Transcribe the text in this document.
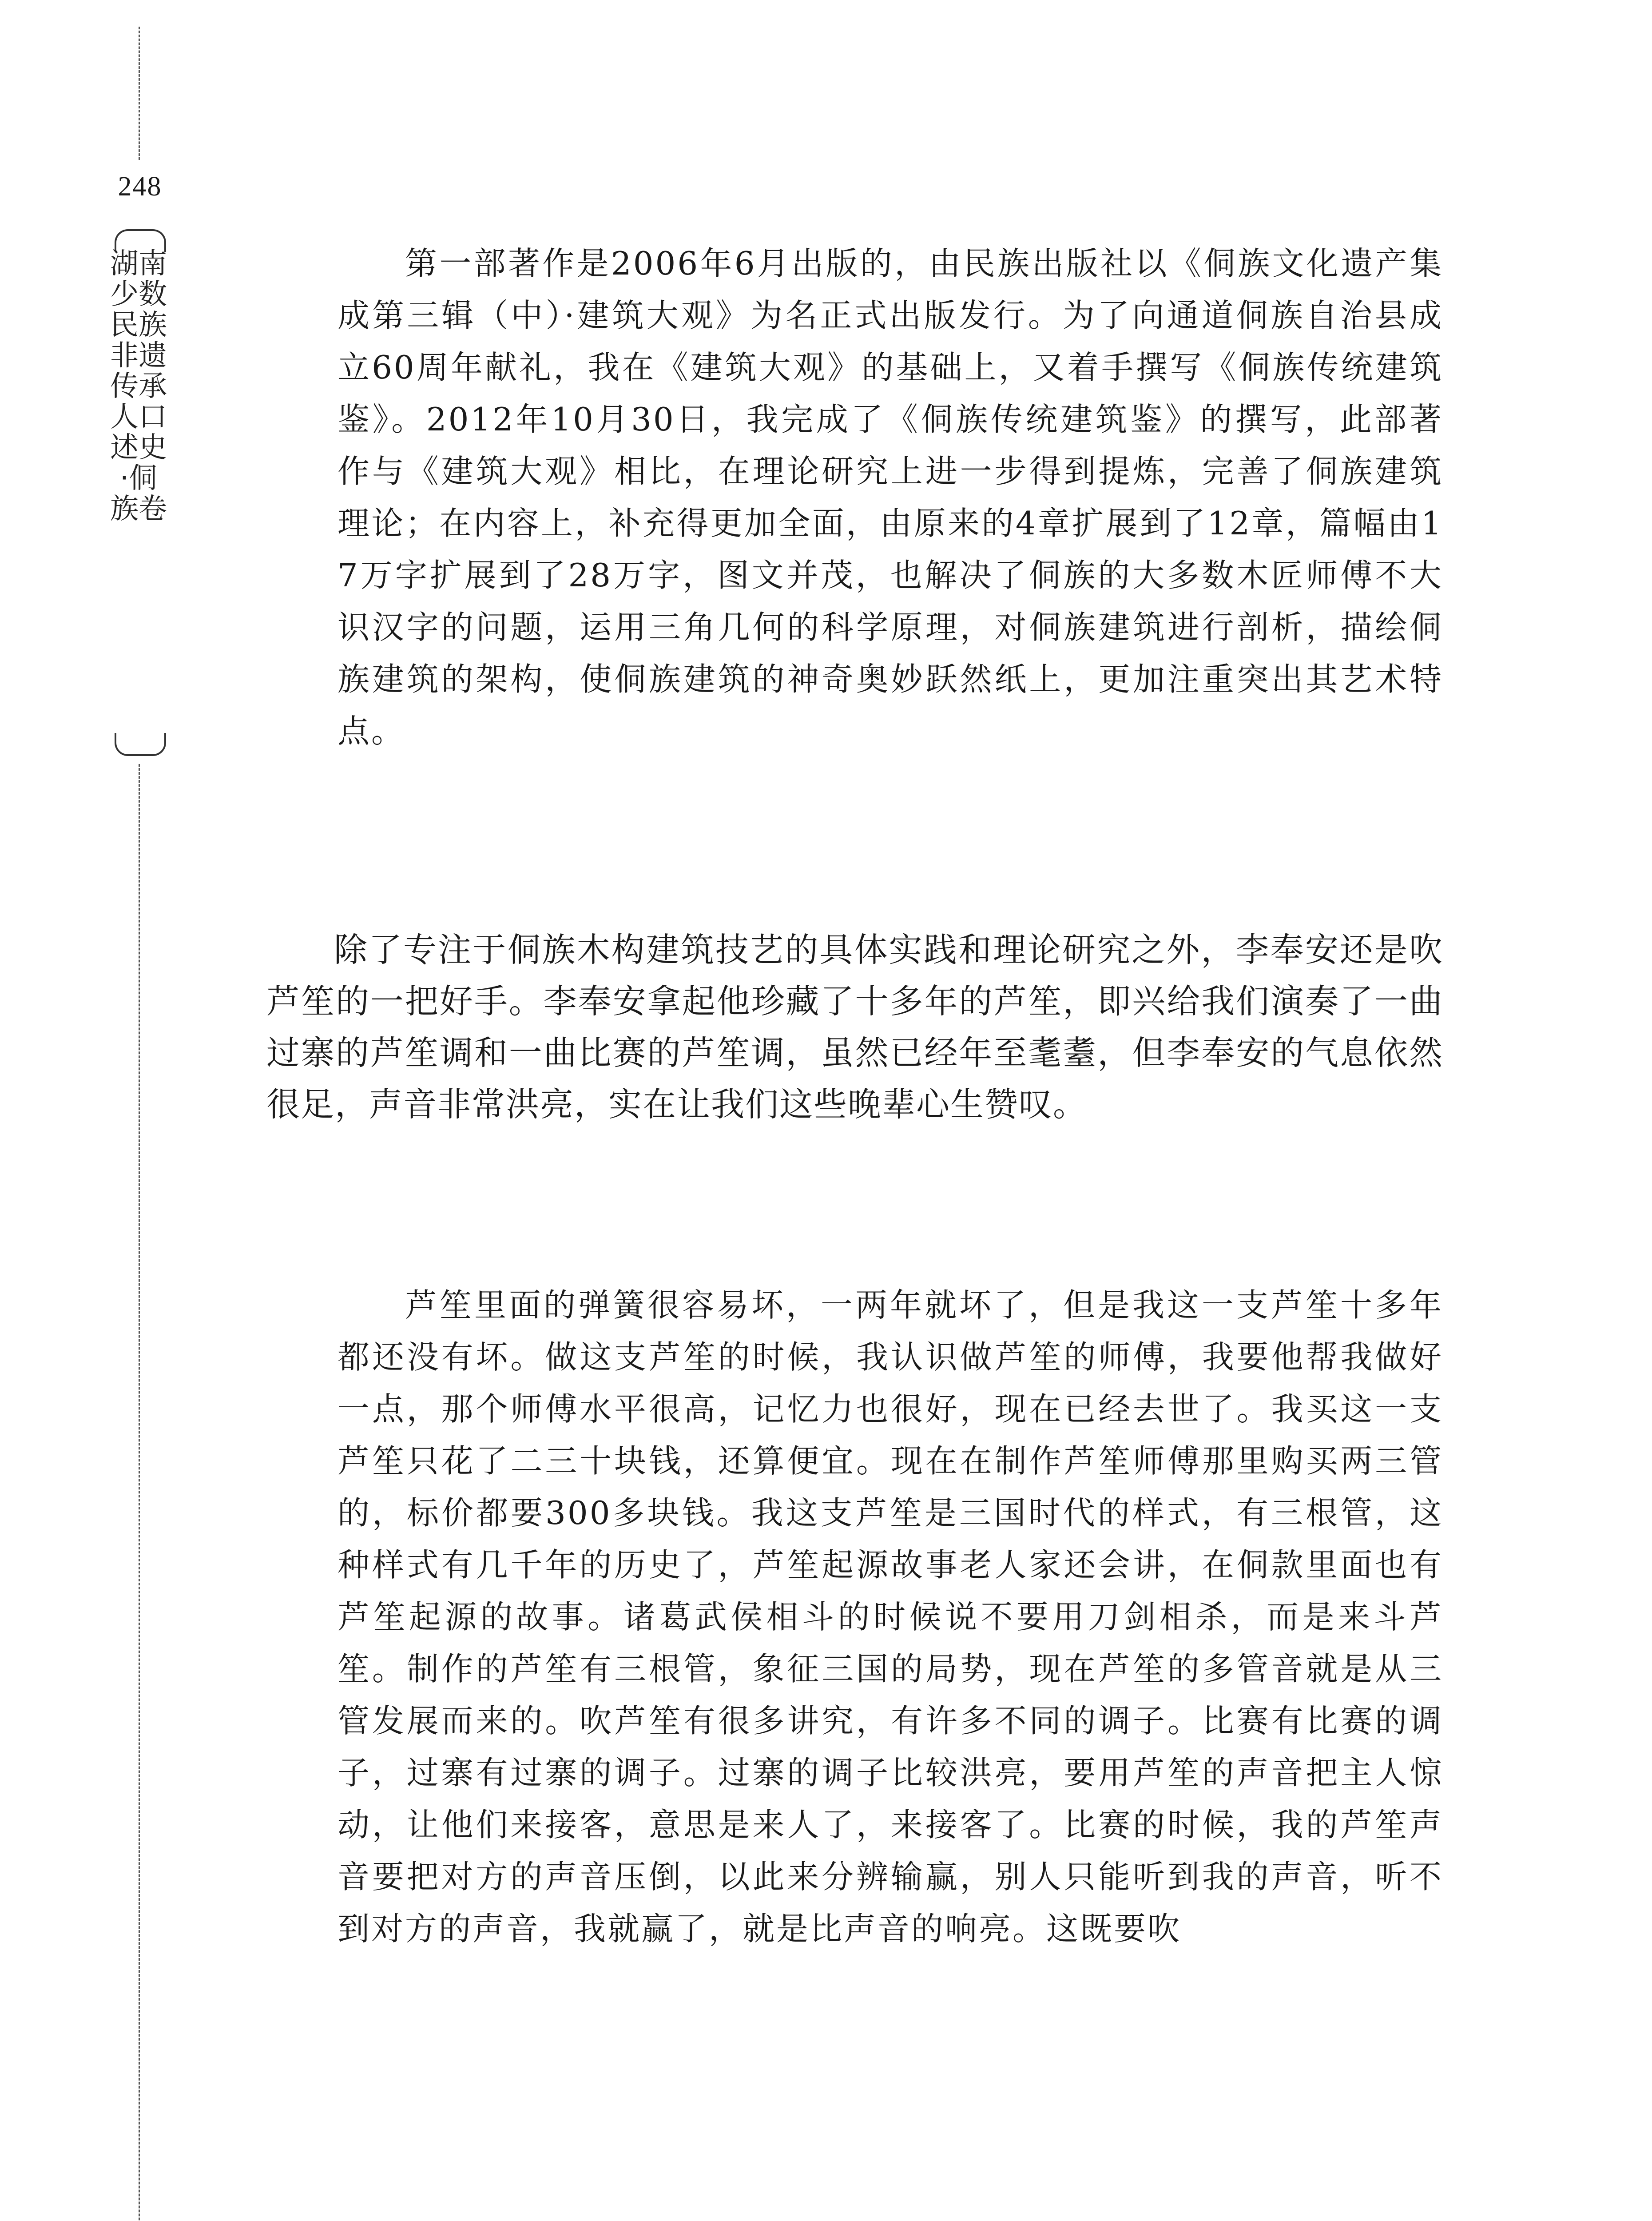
248
湖南少数民族非遗传承人口述史·侗族卷

第一部著作是2006年6月出版的，由民族出版社以《侗族文化遗产集成第三辑（中）·建筑大观》为名正式出版发行。为了向通道侗族自治县成立60周年献礼，我在《建筑大观》的基础上，又着手撰写《侗族传统建筑鉴》。2012年10月30日，我完成了《侗族传统建筑鉴》的撰写，此部著作与《建筑大观》相比，在理论研究上进一步得到提炼，完善了侗族建筑理论；在内容上，补充得更加全面，由原来的4章扩展到了12章，篇幅由17万字扩展到了28万字，图文并茂，也解决了侗族的大多数木匠师傅不大识汉字的问题，运用三角几何的科学原理，对侗族建筑进行剖析，描绘侗族建筑的架构，使侗族建筑的神奇奥妙跃然纸上，更加注重突出其艺术特点。

除了专注于侗族木构建筑技艺的具体实践和理论研究之外，李奉安还是吹芦笙的一把好手。李奉安拿起他珍藏了十多年的芦笙，即兴给我们演奏了一曲过寨的芦笙调和一曲比赛的芦笙调，虽然已经年至耄耋，但李奉安的气息依然很足，声音非常洪亮，实在让我们这些晚辈心生赞叹。

芦笙里面的弹簧很容易坏，一两年就坏了，但是我这一支芦笙十多年都还没有坏。做这支芦笙的时候，我认识做芦笙的师傅，我要他帮我做好一点，那个师傅水平很高，记忆力也很好，现在已经去世了。我买这一支芦笙只花了二三十块钱，还算便宜。现在在制作芦笙师傅那里购买两三管的，标价都要300多块钱。我这支芦笙是三国时代的样式，有三根管，这种样式有几千年的历史了，芦笙起源故事老人家还会讲，在侗款里面也有芦笙起源的故事。诸葛武侯相斗的时候说不要用刀剑相杀，而是来斗芦笙。制作的芦笙有三根管，象征三国的局势，现在芦笙的多管音就是从三管发展而来的。吹芦笙有很多讲究，有许多不同的调子。比赛有比赛的调子，过寨有过寨的调子。过寨的调子比较洪亮，要用芦笙的声音把主人惊动，让他们来接客，意思是来人了，来接客了。比赛的时候，我的芦笙声音要把对方的声音压倒，以此来分辨输赢，别人只能听到我的声音，听不到对方的声音，我就赢了，就是比声音的响亮。这既要吹
